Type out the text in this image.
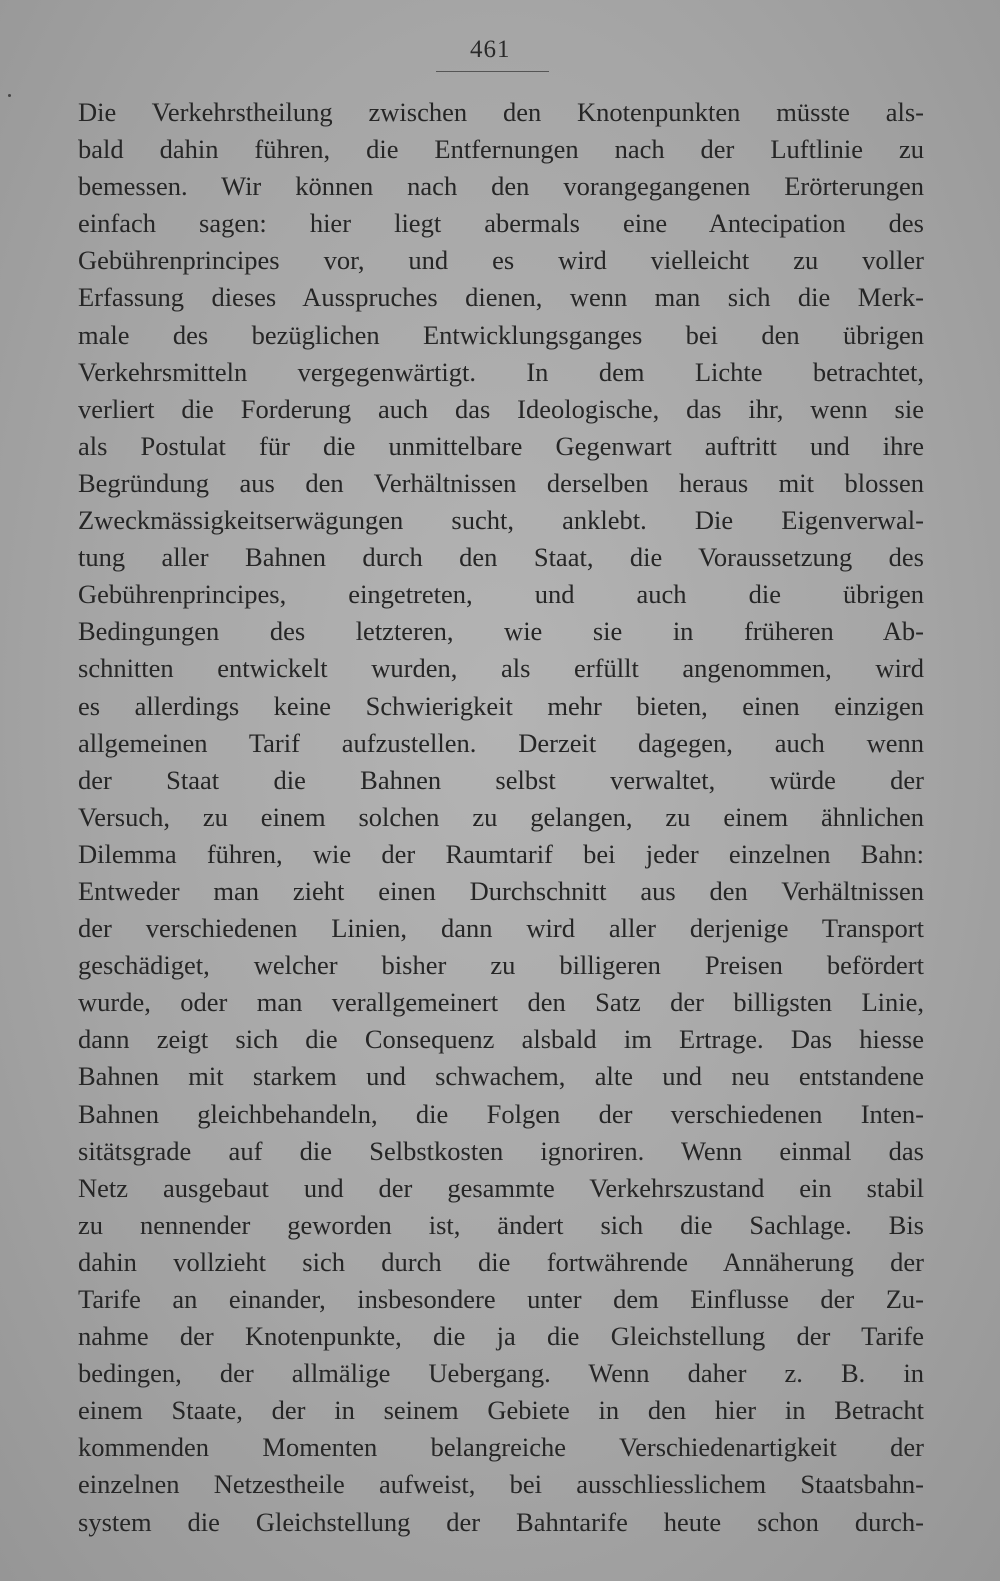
461
Die Verkehrstheilung zwischen den Knotenpunkten müsste als-
bald dahin führen, die Entfernungen nach der Luftlinie zu
bemessen. Wir können nach den vorangegangenen Erörterungen
einfach sagen: hier liegt abermals eine Antecipation des
Gebührenprincipes vor, und es wird vielleicht zu voller
Erfassung dieses Ausspruches dienen, wenn man sich die Merk-
male des bezüglichen Entwicklungsganges bei den übrigen
Verkehrsmitteln vergegenwärtigt. In dem Lichte betrachtet,
verliert die Forderung auch das Ideologische, das ihr, wenn sie
als Postulat für die unmittelbare Gegenwart auftritt und ihre
Begründung aus den Verhältnissen derselben heraus mit blossen
Zweckmässigkeitserwägungen sucht, anklebt. Die Eigenverwal-
tung aller Bahnen durch den Staat, die Voraussetzung des
Gebührenprincipes, eingetreten, und auch die übrigen
Bedingungen des letzteren, wie sie in früheren Ab-
schnitten entwickelt wurden, als erfüllt angenommen, wird
es allerdings keine Schwierigkeit mehr bieten, einen einzigen
allgemeinen Tarif aufzustellen. Derzeit dagegen, auch wenn
der Staat die Bahnen selbst verwaltet, würde der
Versuch, zu einem solchen zu gelangen, zu einem ähnlichen
Dilemma führen, wie der Raumtarif bei jeder einzelnen Bahn:
Entweder man zieht einen Durchschnitt aus den Verhältnissen
der verschiedenen Linien, dann wird aller derjenige Transport
geschädiget, welcher bisher zu billigeren Preisen befördert
wurde, oder man verallgemeinert den Satz der billigsten Linie,
dann zeigt sich die Consequenz alsbald im Ertrage. Das hiesse
Bahnen mit starkem und schwachem, alte und neu entstandene
Bahnen gleichbehandeln, die Folgen der verschiedenen Inten-
sitätsgrade auf die Selbstkosten ignoriren. Wenn einmal das
Netz ausgebaut und der gesammte Verkehrszustand ein stabil
zu nennender geworden ist, ändert sich die Sachlage. Bis
dahin vollzieht sich durch die fortwährende Annäherung der
Tarife an einander, insbesondere unter dem Einflusse der Zu-
nahme der Knotenpunkte, die ja die Gleichstellung der Tarife
bedingen, der allmälige Uebergang. Wenn daher z. B. in
einem Staate, der in seinem Gebiete in den hier in Betracht
kommenden Momenten belangreiche Verschiedenartigkeit der
einzelnen Netzestheile aufweist, bei ausschliesslichem Staatsbahn-
system die Gleichstellung der Bahntarife heute schon durch-
